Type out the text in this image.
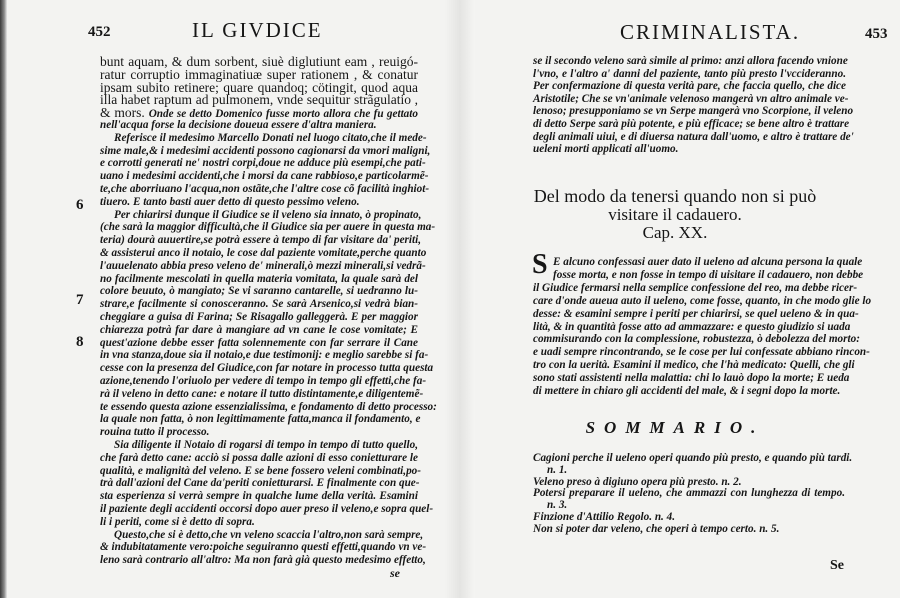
452	IL GIVDICE
6
7
8
bunt aquam, & dum sorbent, siuè diglutiunt eam , reuigó-
ratur corruptio immaginatiuæ super rationem , & conatur
ipsam subito retinere; quare quandoq; cötingit, quod aqua
illa habet raptum ad pulmonem, vnde sequitur strãgulatio ,
& mors. Onde se detto Domenico fusse morto allora che fu gettato
nell'acqua forse la decisione doueua essere d'altra maniera.
Referisce il medesimo Marcello Donati nel luogo citato,che il mede-
sime male,& i medesimi accidenti possono cagionarsi da vmori maligni,
e corrotti generati ne' nostri corpi,doue ne adduce più esempi,che pati-
uano i medesimi accidenti,che i morsi da cane rabbioso,e particolarmẽ-
te,che aborriuano l'acqua,non ostãte,che l'altre cose cõ facilità inghiot-
tiuero. E tanto basti auer detto di questo pessimo veleno.
Per chiarirsi dunque il Giudice se il veleno sia innato, ò propinato,
(che sarà la maggior difficultà,che il Giudice sia per auere in questa ma-
teria) dourà auuertire,se potrà essere à tempo di far visitare da' periti,
& assisterui anco il notaio, le cose dal paziente vomitate,perche quanto
l'auuelenato abbia preso veleno de' minerali,ò mezzi minerali,si vedrã-
no facilmente mescolati in quella materia vomitata, la quale sarà del
colore beuuto, ò mangiato; Se vi saranno cantarelle, si uedranno lu-
strare,e facilmente si conosceranno. Se sarà Arsenico,si vedrà bian-
cheggiare a guisa di Farina; Se Risagallo galleggerà. E per maggior
chiarezza potrà far dare à mangiare ad vn cane le cose vomitate; E
quest'azione debbe esser fatta solennemente con far serrare il Cane
in vna stanza,doue sia il notaio,e due testimonij: e meglio sarebbe si fa-
cesse con la presenza del Giudice,con far notare in processo tutta questa
azione,tenendo l'oriuolo per vedere di tempo in tempo gli effetti,che fa-
rà il veleno in detto cane: e notare il tutto distintamente,e diligentemẽ-
te essendo questa azione essenzialissima, e fondamento di detto processo:
la quale non fatta, ò non legittimamente fatta,manca il fondamento, e
rouina tutto il processo.
Sia diligente il Notaio di rogarsi di tempo in tempo di tutto quello,
che farà detto cane: acciò si possa dalle azioni di esso conietturare le
qualità, e malignità del veleno. E se bene fossero veleni combinati,po-
trà dall'azioni del Cane da'periti conietturarsi. E finalmente con que-
sta esperienza si verrà sempre in qualche lume della verità. Esamini
il paziente degli accidenti occorsi dopo auer preso il veleno,e sopra quel-
li i periti, come si è detto di sopra.
Questo,che si è detto,che vn veleno scaccia l'altro,non sarà sempre,
& indubitatamente vero:poiche seguiranno questi effetti,quando vn ve-
leno sarà contrario all'altro: Ma non farà già questo medesimo effetto,
se
CRIMINALISTA.	453
se il secondo veleno sarà simile al primo: anzi allora facendo vnione
l'vno, e l'altro a' danni del paziente, tanto più presto l'vccideranno.
Per confermazione di questa verità pare, che faccia quello, che dice
Aristotile; Che se vn'animale velenoso mangerà vn altro animale ve-
lenoso; presupponiamo se vn Serpe mangerà vno Scorpione, il veleno
di detto Serpe sarà più potente, e più efficace; se bene altro è trattare
degli animali uiui, e di diuersa natura dall'uomo, e altro è trattare de'
ueleni morti applicati all'uomo.
Del modo da tenersi quando non si può
visitare il cadauero.
Cap. XX.
S E alcuno confessasi auer dato il ueleno ad alcuna persona la quale
fosse morta, e non fosse in tempo di uisitare il cadauero, non debbe
il Giudice fermarsi nella semplice confessione del reo, ma debbe ricer-
care d'onde aueua auto il ueleno, come fosse, quanto, in che modo glie lo
desse: & esamini sempre i periti per chiarirsi, se quel ueleno & in qua-
lità, & in quantità fosse atto ad ammazzare: e questo giudizio si uada
commisurando con la complessione, robustezza, ò debolezza del morto:
e uadi sempre rincontrando, se le cose per lui confessate abbiano rincon-
tro con la uerità. Esamini il medico, che l'hà medicato: Quelli, che gli
sono stati assistenti nella malattia: chi lo lauò dopo la morte; E ueda
di mettere in chiaro gli accidenti del male, & i segni dopo la morte.
SOMMARIO.
Cagioni perche il ueleno operi quando più presto, e quando più tardi.
n. 1.
Veleno preso à digiuno opera più presto. n. 2.
Potersi preparare il ueleno, che ammazzi con lunghezza di tempo.
n. 3.
Finzione d'Attilio Regolo. n. 4.
Non si poter dar veleno, che operi à tempo certo. n. 5.
Se
